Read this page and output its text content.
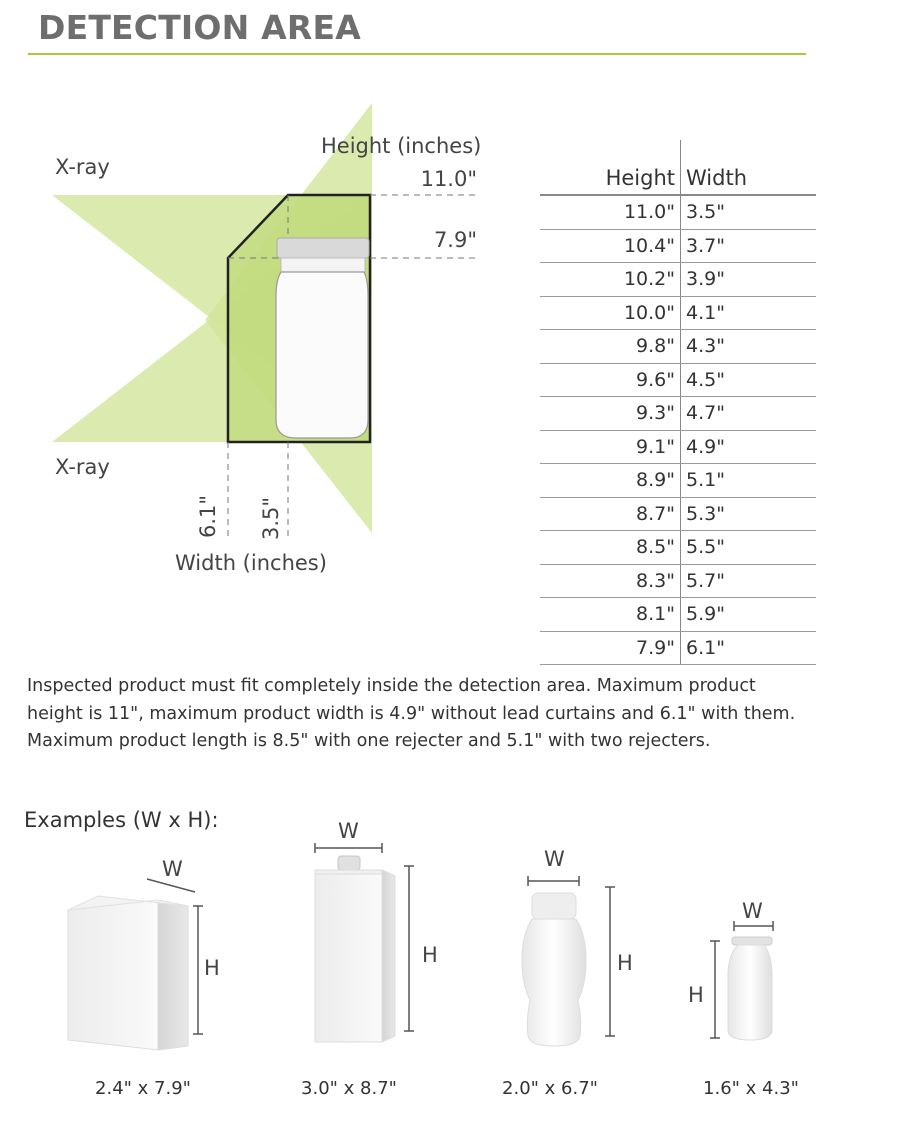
DETECTION AREA
X-ray
X-ray
Height (inches)
11.0"
7.9"
6.1" 3.5"
Width (inches)
Height	Width
11.0"	3.5"
10.4"	3.7"
10.2"	3.9"
10.0"	4.1"
9.8"	4.3"
9.6"	4.5"
9.3"	4.7"
9.1"	4.9"
8.9"	5.1"
8.7"	5.3"
8.5"	5.5"
8.3"	5.7"
8.1"	5.9"
7.9"	6.1"

Inspected product must fit completely inside the detection area. Maximum product height is 11", maximum product width is 4.9" without lead curtains and 6.1" with them. Maximum product length is 8.5" with one rejecter and 5.1" with two rejecters.

Examples (W x H):
W
H
W
H
W
H
W
H
2.4" x 7.9"	3.0" x 8.7"	2.0" x 6.7"	1.6" x 4.3"
